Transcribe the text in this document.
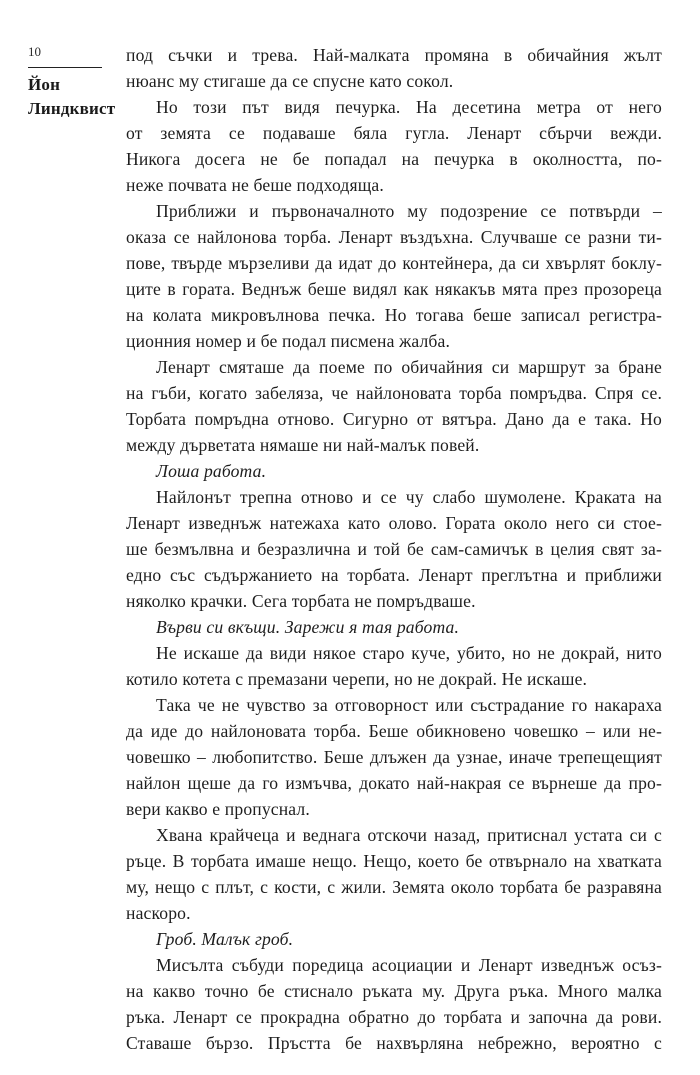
10
Йон
Линдквист
под съчки и трева. Най-малката промяна в обичайния жълт
нюанс му стигаше да се спусне като сокол.
Но този път видя печурка. На десетина метра от него
от земята се подаваше бяла гугла. Ленарт сбърчи вежди.
Никога досега не бе попадал на печурка в околността, по-
неже почвата не беше подходяща.
Приближи и първоначалното му подозрение се потвърди –
оказа се найлонова торба. Ленарт въздъхна. Случваше се разни ти-
пове, твърде мързеливи да идат до контейнера, да си хвърлят боклу-
ците в гората. Веднъж беше видял как някакъв мята през прозореца
на колата микровълнова печка. Но тогава беше записал регистра-
ционния номер и бе подал писмена жалба.
Ленарт смяташе да поеме по обичайния си маршрут за бране
на гъби, когато забеляза, че найлоновата торба помръдва. Спря се.
Торбата помръдна отново. Сигурно от вятъра. Дано да е така. Но
между дърветата нямаше ни най-малък повей.
Лоша работа.
Найлонът трепна отново и се чу слабо шумолене. Краката на
Ленарт изведнъж натежаха като олово. Гората около него си стое-
ше безмълвна и безразлична и той бе сам-самичък в целия свят за-
едно със съдържанието на торбата. Ленарт преглътна и приближи
няколко крачки. Сега торбата не помръдваше.
Върви си вкъщи. Зарежи я тая работа.
Не искаше да види някое старо куче, убито, но не докрай, нито
котило котета с премазани черепи, но не докрай. Не искаше.
Така че не чувство за отговорност или състрадание го накараха
да иде до найлоновата торба. Беше обикновено човешко – или не-
човешко – любопитство. Беше длъжен да узнае, иначе трепещещият
найлон щеше да го измъчва, докато най-накрая се върнеше да про-
вери какво е пропуснал.
Хвана крайчеца и веднага отскочи назад, притиснал устата си с
ръце. В торбата имаше нещо. Нещо, което бе отвърнало на хватката
му, нещо с плът, с кости, с жили. Земята около торбата бе разравяна
наскоро.
Гроб. Малък гроб.
Мисълта събуди поредица асоциации и Ленарт изведнъж осъз-
на какво точно бе стиснало ръката му. Друга ръка. Много малка
ръка. Ленарт се прокрадна обратно до торбата и започна да рови.
Ставаше бързо. Пръстта бе нахвърляна небрежно, вероятно с
